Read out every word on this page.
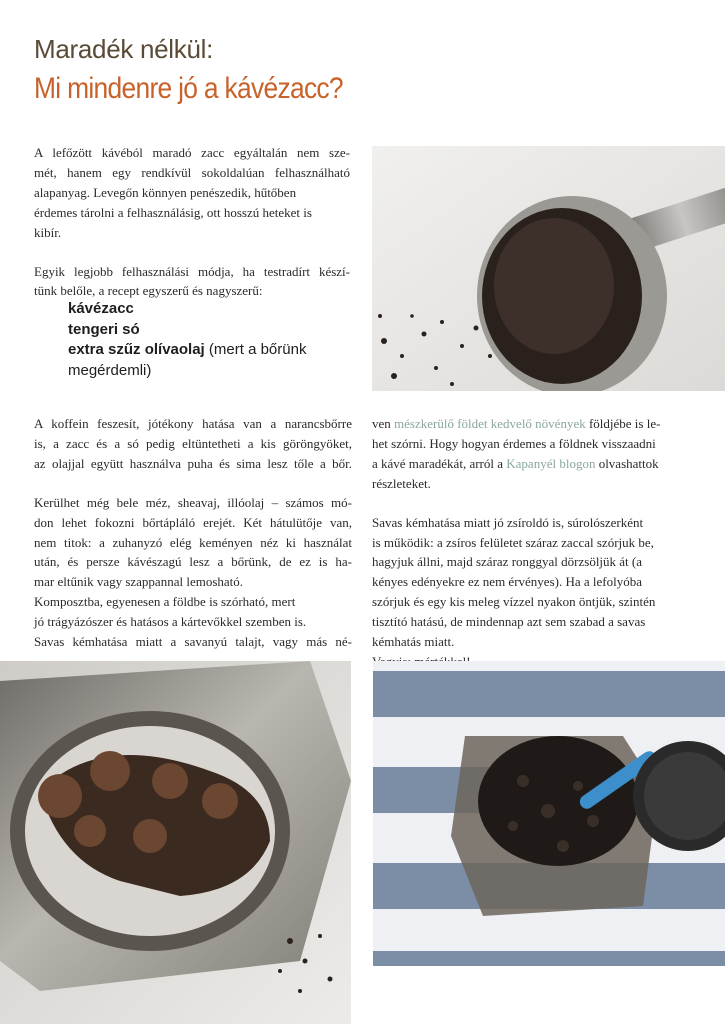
Maradék nélkül:
Mi mindenre jó a kávézacc?

A lefőzött kávéból maradó zacc egyáltalán nem sze-
mét, hanem egy rendkívül sokoldalúan felhasználható
alapanyag. Levegőn könnyen penészedik, hűtőben
érdemes tárolni a felhasználásig, ott hosszú heteket is
kibír.

Egyik legjobb felhasználási módja, ha testradírt készí-
tünk belőle, a recept egyszerű és nagyszerű:

kávézacc
tengeri só
extra szűz olívaolaj (mert a bőrünk
megérdemli)

A koffein feszesít, jótékony hatása van a narancsbőrre
is, a zacc és a só pedig eltüntetheti a kis göröngyöket,
az olajjal együtt használva puha és sima lesz tőle a bőr.

Kerülhet még bele méz, sheavaj, illóolaj – számos mó-
don lehet fokozni bőrtápláló erejét. Két hátulütője van,
nem titok: a zuhanyzó elég keményen néz ki használat
után, és persze kávészagú lesz a bőrünk, de ez is ha-
mar eltűnik vagy szappannal lemosható.
Komposztba, egyenesen a földbe is szórható, mert
jó trágyázószer és hatásos a kártevőkkel szemben is.
Savas kémhatása miatt a savanyú talajt, vagy más né-

ven mészkerülő földet kedvelő növények földjébe is le-
het szórni. Hogy hogyan érdemes a földnek visszaadni
a kávé maradékát, arról a Kapanyél blogon olvashattok
részleteket.

Savas kémhatása miatt jó zsíroldó is, súrolószerként
is működik: a zsíros felületet száraz zaccal szórjuk be,
hagyjuk állni, majd száraz ronggyal dörzsöljük át (a
kényes edényekre ez nem érvényes). Ha a lefolyóba
szórjuk és egy kis meleg vízzel nyakon öntjük, szintén
tisztító hatású, de mindennap azt sem szabad a savas
kémhatás miatt.
